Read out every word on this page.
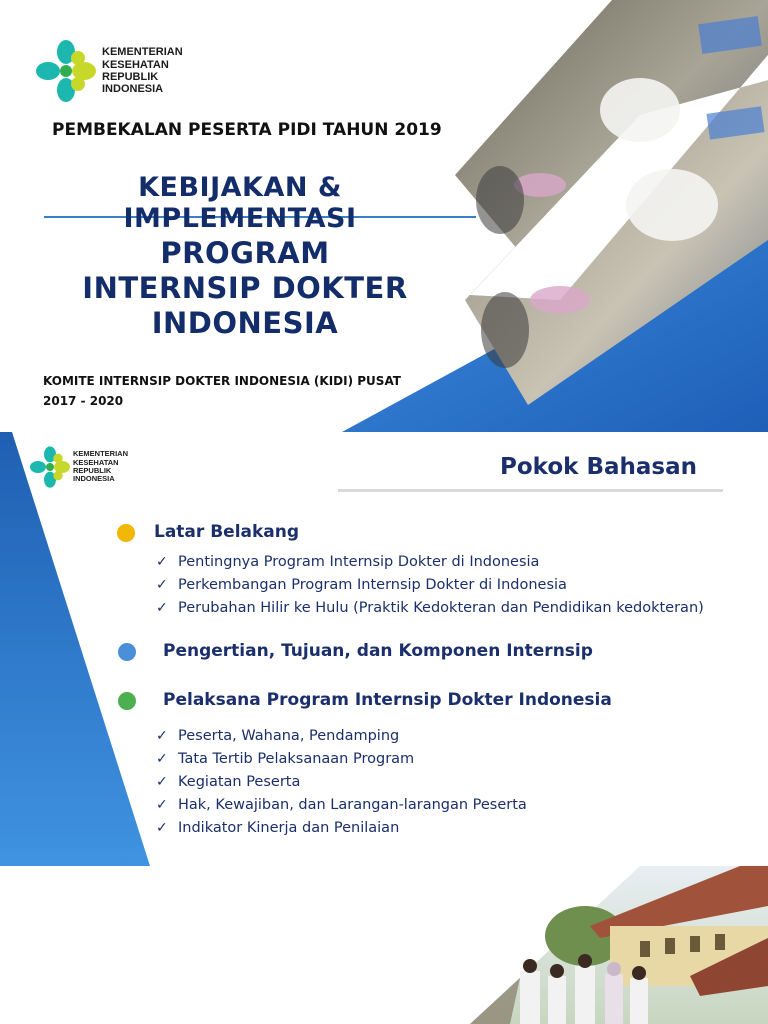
KEMENTERIAN
KESEHATAN
REPUBLIK
INDONESIA
PEMBEKALAN PESERTA PIDI TAHUN 2019
KEBIJAKAN &
IMPLEMENTASI
PROGRAM
INTERNSIP DOKTER
INDONESIA
KOMITE INTERNSIP DOKTER INDONESIA (KIDI) PUSAT
2017 - 2020
KEMENTERIAN
KESEHATAN
REPUBLIK
INDONESIA	Pokok Bahasan
Latar Belakang
✓ Pentingnya Program Internsip Dokter di Indonesia
✓ Perkembangan Program Internsip Dokter di Indonesia
✓ Perubahan Hilir ke Hulu (Praktik Kedokteran dan Pendidikan kedokteran)
Pengertian, Tujuan, dan Komponen Internsip
Pelaksana Program Internsip Dokter Indonesia
✓ Peserta, Wahana, Pendamping
✓ Tata Tertib Pelaksanaan Program
✓ Kegiatan Peserta
✓ Hak, Kewajiban, dan Larangan-larangan Peserta
✓ Indikator Kinerja dan Penilaian
